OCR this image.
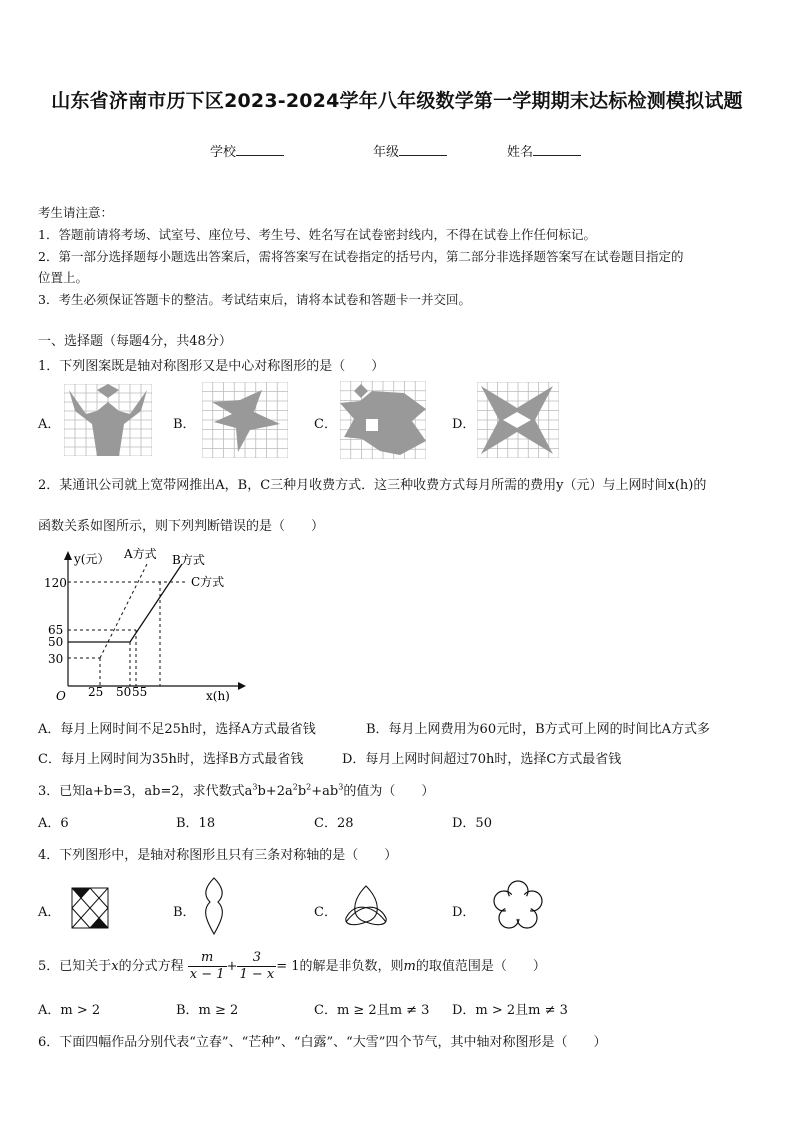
山东省济南市历下区2023-2024学年八年级数学第一学期期末达标检测模拟试题
学校	年级	姓名
考生请注意：
1．答题前请将考场、试室号、座位号、考生号、姓名写在试卷密封线内，不得在试卷上作任何标记。
2．第一部分选择题每小题选出答案后，需将答案写在试卷指定的括号内，第二部分非选择题答案写在试卷题目指定的
位置上。
3．考生必须保证答题卡的整洁。考试结束后，请将本试卷和答题卡一并交回。
一、选择题（每题4分，共48分）
1．下列图案既是轴对称图形又是中心对称图形的是（　　）
A．	B．	C．	D．
2．某通讯公司就上宽带网推出A，B，C三种月收费方式．这三种收费方式每月所需的费用y（元）与上网时间x(h)的
函数关系如图所示，则下列判断错误的是（　　）
y(元）
x(h)
O
120
65
50
30
25 50 55
A方式 B方式
C方式
A．每月上网时间不足25h时，选择A方式最省钱	B．每月上网费用为60元时，B方式可上网的时间比A方式多
C．每月上网时间为35h时，选择B方式最省钱	D．每月上网时间超过70h时，选择C方式最省钱
3．已知a+b=3，ab=2，求代数式$a^3b+2a^2b^2+ab^3$的值为（　　）
A．6	B．18	C．28	D．50
4．下列图形中，是轴对称图形且只有三条对称轴的是（　　）
A．	B．	C．	D．
5．已知关于x的分式方程 $\frac{m}{x - 1} + \frac{3}{1 - x} = 1$的解是非负数，则m的取值范围是（　　）
A．m > 2	B．m ≥ 2	C．m ≥ 2且m ≠ 3 D．m > 2且m ≠ 3
6．下面四幅作品分别代表“立春”、“芒种”、“白露”、“大雪”四个节气，其中轴对称图形是（　　）
